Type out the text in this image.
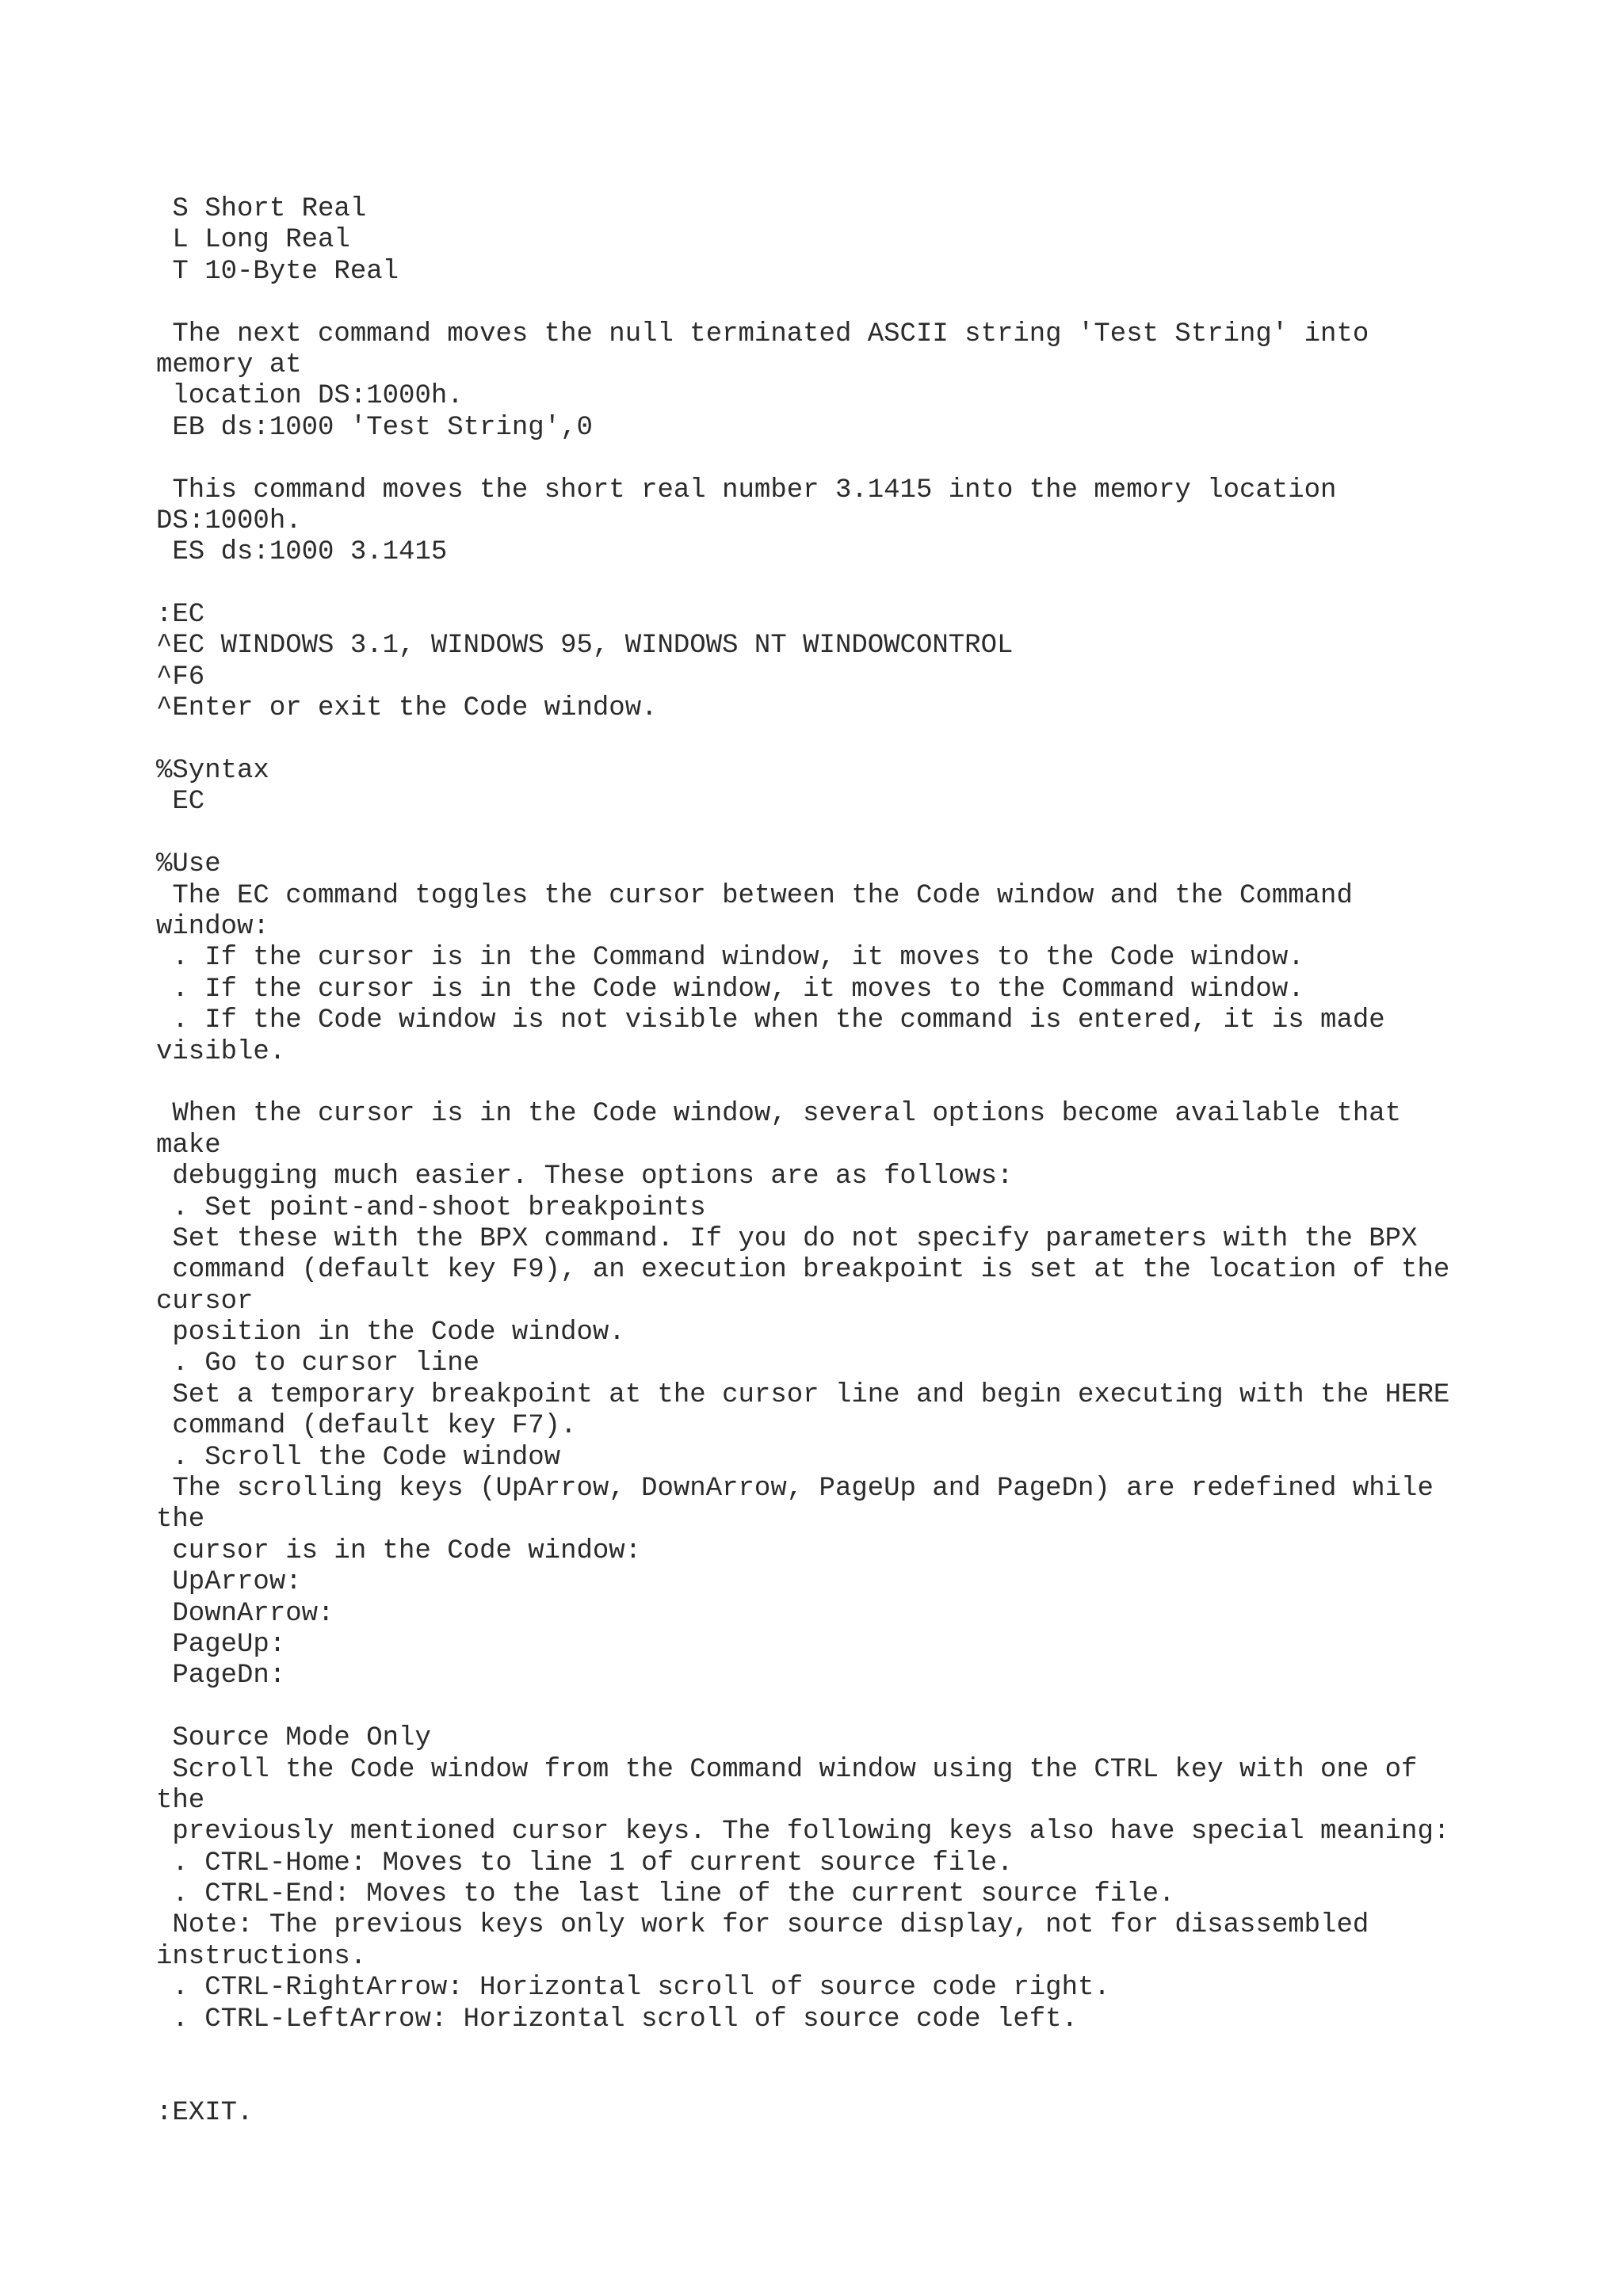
S Short Real
L Long Real
T 10-Byte Real
The next command moves the null terminated ASCII string 'Test String' into
memory at
location DS:1000h.
EB ds:1000 'Test String',0
This command moves the short real number 3.1415 into the memory location
DS:1000h.
ES ds:1000 3.1415
:EC
^EC WINDOWS 3.1, WINDOWS 95, WINDOWS NT WINDOWCONTROL
^F6
^Enter or exit the Code window.
%Syntax
EC
%Use
The EC command toggles the cursor between the Code window and the Command
window:
. If the cursor is in the Command window, it moves to the Code window.
. If the cursor is in the Code window, it moves to the Command window.
. If the Code window is not visible when the command is entered, it is made
visible.
When the cursor is in the Code window, several options become available that
make
debugging much easier. These options are as follows:
. Set point-and-shoot breakpoints
Set these with the BPX command. If you do not specify parameters with the BPX
command (default key F9), an execution breakpoint is set at the location of the
cursor
position in the Code window.
. Go to cursor line
Set a temporary breakpoint at the cursor line and begin executing with the HERE
command (default key F7).
. Scroll the Code window
The scrolling keys (UpArrow, DownArrow, PageUp and PageDn) are redefined while
the
cursor is in the Code window:
UpArrow:
DownArrow:
PageUp:
PageDn:
Source Mode Only
Scroll the Code window from the Command window using the CTRL key with one of
the
previously mentioned cursor keys. The following keys also have special meaning:
. CTRL-Home: Moves to line 1 of current source file.
. CTRL-End: Moves to the last line of the current source file.
Note: The previous keys only work for source display, not for disassembled
instructions.
. CTRL-RightArrow: Horizontal scroll of source code right.
. CTRL-LeftArrow: Horizontal scroll of source code left.
:EXIT.
